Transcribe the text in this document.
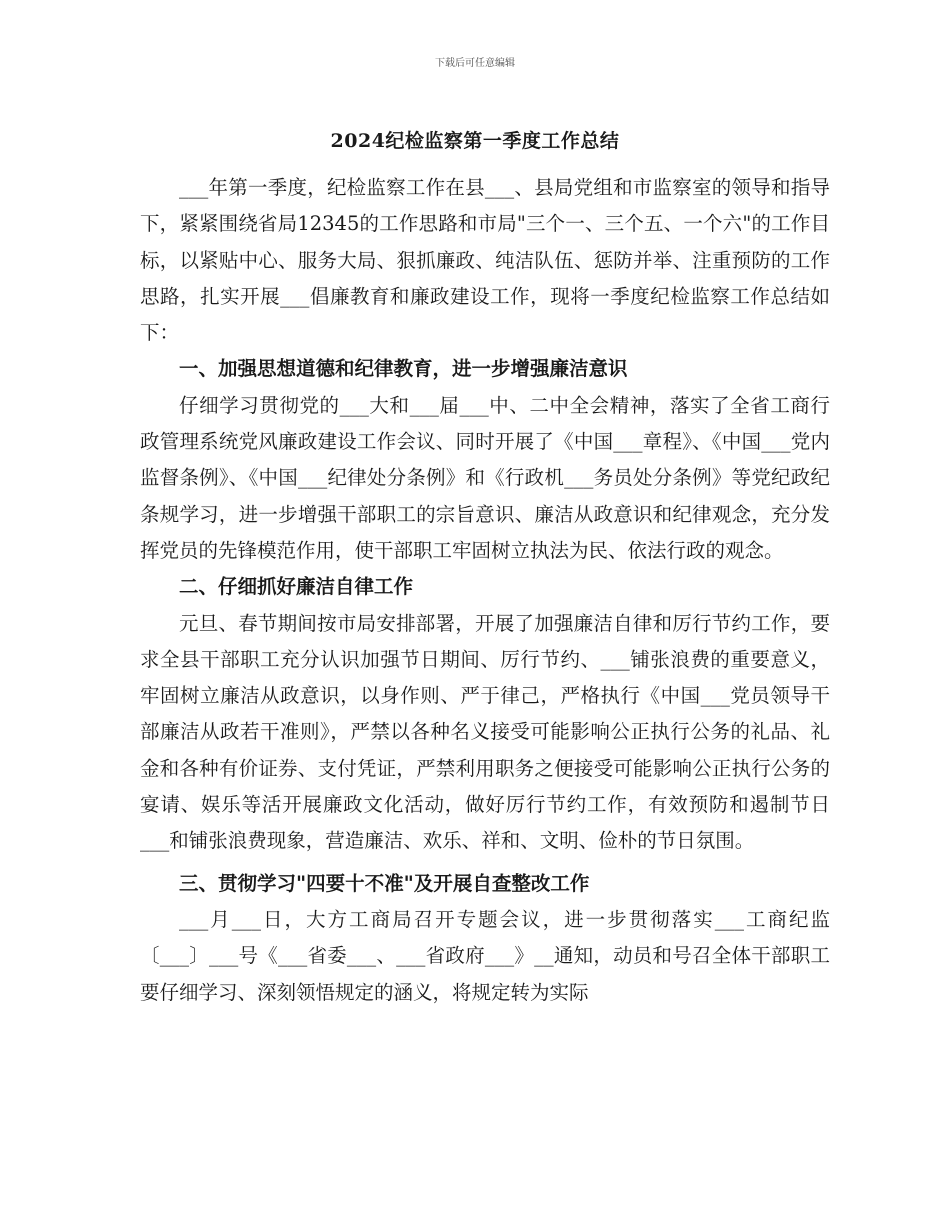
下载后可任意编辑
2024纪检监察第一季度工作总结

___年第一季度，纪检监察工作在县___、县局党组和市监察室的领导和指导下，紧紧围绕省局12345的工作思路和市局"三个一、三个五、一个六"的工作目标，以紧贴中心、服务大局、狠抓廉政、纯洁队伍、惩防并举、注重预防的工作思路，扎实开展___倡廉教育和廉政建设工作，现将一季度纪检监察工作总结如下：

一、加强思想道德和纪律教育，进一步增强廉洁意识

仔细学习贯彻党的___大和___届___中、二中全会精神，落实了全省工商行政管理系统党风廉政建设工作会议、同时开展了《中国___章程》、《中国___党内监督条例》、《中国___纪律处分条例》和《行政机___务员处分条例》等党纪政纪条规学习，进一步增强干部职工的宗旨意识、廉洁从政意识和纪律观念，充分发挥党员的先锋模范作用，使干部职工牢固树立执法为民、依法行政的观念。

二、仔细抓好廉洁自律工作

元旦、春节期间按市局安排部署，开展了加强廉洁自律和厉行节约工作，要求全县干部职工充分认识加强节日期间、厉行节约、___铺张浪费的重要意义，牢固树立廉洁从政意识，以身作则、严于律己，严格执行《中国___党员领导干部廉洁从政若干准则》，严禁以各种名义接受可能影响公正执行公务的礼品、礼金和各种有价证券、支付凭证，严禁利用职务之便接受可能影响公正执行公务的宴请、娱乐等活开展廉政文化活动，做好厉行节约工作，有效预防和遏制节日___和铺张浪费现象，营造廉洁、欢乐、祥和、文明、俭朴的节日氛围。

三、贯彻学习"四要十不准"及开展自查整改工作

___月___日，大方工商局召开专题会议，进一步贯彻落实___工商纪监〔___〕___号《___省委___、___省政府___》__通知，动员和号召全体干部职工要仔细学习、深刻领悟规定的涵义，将规定转为实际
